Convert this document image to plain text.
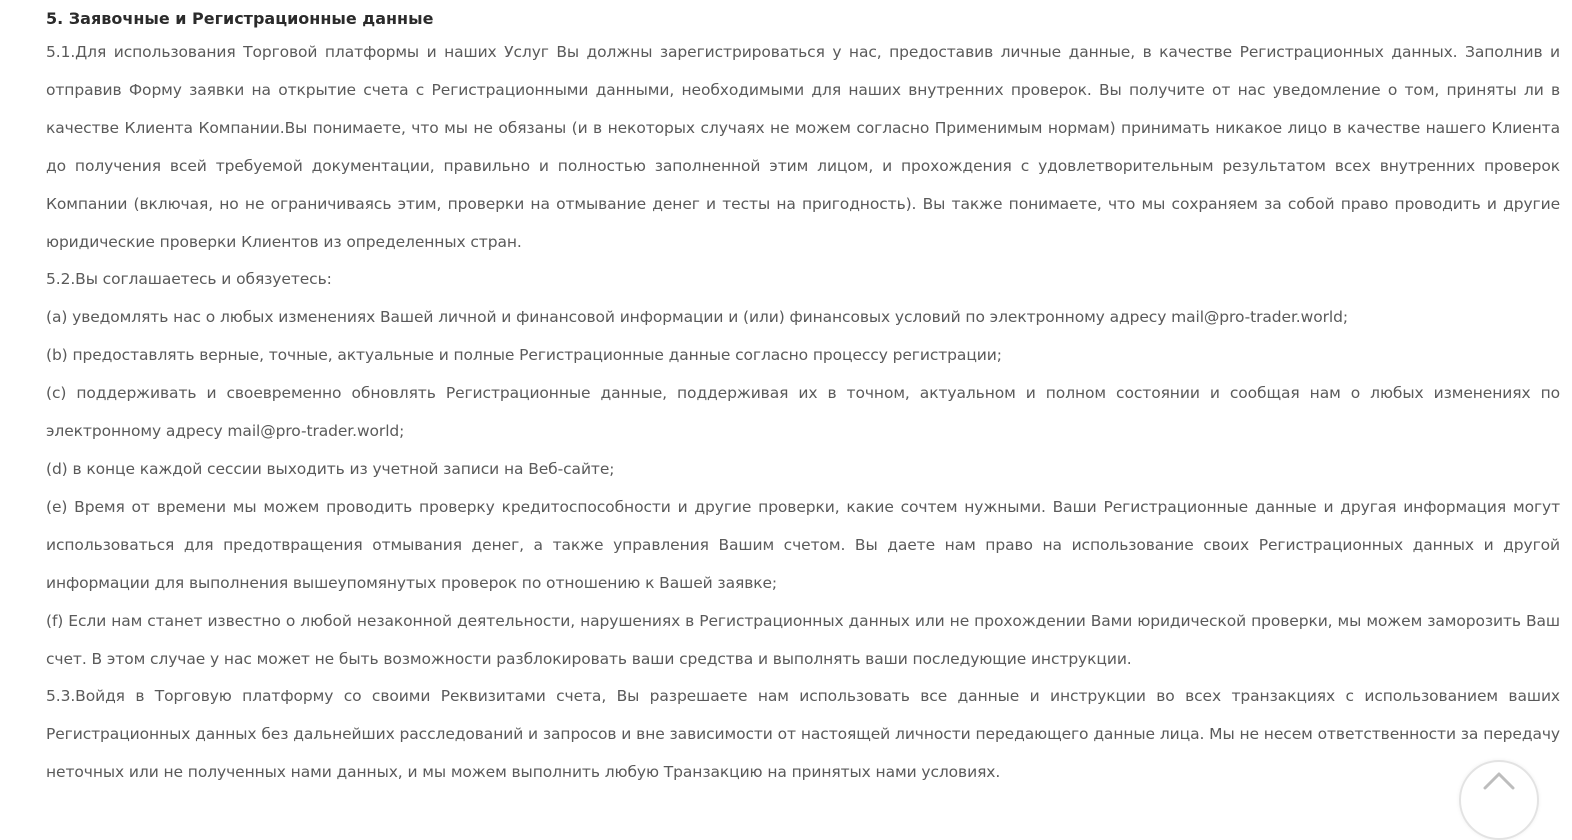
5. Заявочные и Регистрационные данные

5.1.Для использования Торговой платформы и наших Услуг Вы должны зарегистрироваться у нас, предоставив личные данные, в качестве Регистрационных данных. Заполнив и отправив Форму заявки на открытие счета с Регистрационными данными, необходимыми для наших внутренних проверок. Вы получите от нас уведомление о том, приняты ли в качестве Клиента Компании.Вы понимаете, что мы не обязаны (и в некоторых случаях не можем согласно Применимым нормам) принимать никакое лицо в качестве нашего Клиента до получения всей требуемой документации, правильно и полностью заполненной этим лицом, и прохождения с удовлетворительным результатом всех внутренних проверок Компании (включая, но не ограничиваясь этим, проверки на отмывание денег и тесты на пригодность). Вы также понимаете, что мы сохраняем за собой право проводить и другие юридические проверки Клиентов из определенных стран.

5.2.Вы соглашаетесь и обязуетесь:

(a) уведомлять нас о любых изменениях Вашей личной и финансовой информации и (или) финансовых условий по электронному адресу mail@pro-trader.world;

(b) предоставлять верные, точные, актуальные и полные Регистрационные данные согласно процессу регистрации;

(c) поддерживать и своевременно обновлять Регистрационные данные, поддерживая их в точном, актуальном и полном состоянии и сообщая нам о любых изменениях по электронному адресу mail@pro-trader.world;

(d) в конце каждой сессии выходить из учетной записи на Веб-сайте;

(e) Время от времени мы можем проводить проверку кредитоспособности и другие проверки, какие сочтем нужными. Ваши Регистрационные данные и другая информация могут использоваться для предотвращения отмывания денег, а также управления Вашим счетом. Вы даете нам право на использование своих Регистрационных данных и другой информации для выполнения вышеупомянутых проверок по отношению к Вашей заявке;

(f) Если нам станет известно о любой незаконной деятельности, нарушениях в Регистрационных данных или не прохождении Вами юридической проверки, мы можем заморозить Ваш счет. В этом случае у нас может не быть возможности разблокировать ваши средства и выполнять ваши последующие инструкции.

5.3.Войдя в Торговую платформу со своими Реквизитами счета, Вы разрешаете нам использовать все данные и инструкции во всех транзакциях с использованием ваших Регистрационных данных без дальнейших расследований и запросов и вне зависимости от настоящей личности передающего данные лица. Мы не несем ответственности за передачу неточных или не полученных нами данных, и мы можем выполнить любую Транзакцию на принятых нами условиях.
